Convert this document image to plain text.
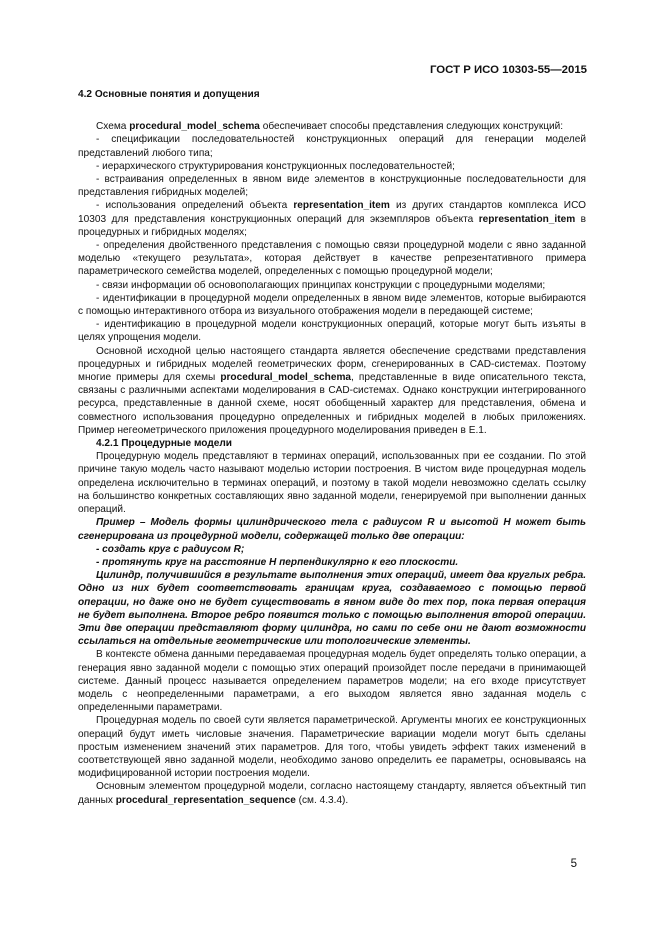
ГОСТ Р ИСО 10303-55—2015

4.2 Основные понятия и допущения

Схема procedural_model_schema обеспечивает способы представления следующих конструкций:

- спецификации последовательностей конструкционных операций для генерации моделей представлений любого типа;

- иерархического структурирования конструкционных последовательностей;

- встраивания определенных в явном виде элементов в конструкционные последовательности для представления гибридных моделей;

- использования определений объекта representation_item из других стандартов комплекса ИСО 10303 для представления конструкционных операций для экземпляров объекта representation_item в процедурных и гибридных моделях;

- определения двойственного представления с помощью связи процедурной модели с явно заданной моделью «текущего результата», которая действует в качестве репрезентативного примера параметрического семейства моделей, определенных с помощью процедурной модели;

- связи информации об основополагающих принципах конструкции с процедурными моделями;

- идентификации в процедурной модели определенных в явном виде элементов, которые выбираются с помощью интерактивного отбора из визуального отображения модели в передающей системе;

- идентификацию в процедурной модели конструкционных операций, которые могут быть изъяты в целях упрощения модели.

Основной исходной целью настоящего стандарта является обеспечение средствами представления процедурных и гибридных моделей геометрических форм, сгенерированных в CAD-системах. Поэтому многие примеры для схемы procedural_model_schema, представленные в виде описательного текста, связаны с различными аспектами моделирования в CAD-системах. Однако конструкции интегрированного ресурса, представленные в данной схеме, носят обобщенный характер для представления, обмена и совместного использования процедурно определенных и гибридных моделей в любых приложениях. Пример негеометрического приложения процедурного моделирования приведен в Е.1.

4.2.1 Процедурные модели

Процедурную модель представляют в терминах операций, использованных при ее создании. По этой причине такую модель часто называют моделью истории построения. В чистом виде процедурная модель определена исключительно в терминах операций, и поэтому в такой модели невозможно сделать ссылку на большинство конкретных составляющих явно заданной модели, генерируемой при выполнении данных операций.

Пример – Модель формы цилиндрического тела с радиусом R и высотой H может быть сгенерирована из процедурной модели, содержащей только две операции:

- создать круг с радиусом R;

- протянуть круг на расстояние H перпендикулярно к его плоскости.

Цилиндр, получившийся в результате выполнения этих операций, имеет два круглых ребра. Одно из них будет соответствовать границам круга, создаваемого с помощью первой операции, но даже оно не будет существовать в явном виде до тех пор, пока первая операция не будет выполнена. Второе ребро появится только с помощью выполнения второй операции. Эти две операции представляют форму цилиндра, но сами по себе они не дают возможности ссылаться на отдельные геометрические или топологические элементы.

В контексте обмена данными передаваемая процедурная модель будет определять только операции, а генерация явно заданной модели с помощью этих операций произойдет после передачи в принимающей системе. Данный процесс называется определением параметров модели; на его входе присутствует модель с неопределенными параметрами, а его выходом является явно заданная модель с определенными параметрами.

Процедурная модель по своей сути является параметрической. Аргументы многих ее конструкционных операций будут иметь числовые значения. Параметрические вариации модели могут быть сделаны простым изменением значений этих параметров. Для того, чтобы увидеть эффект таких изменений в соответствующей явно заданной модели, необходимо заново определить ее параметры, основываясь на модифицированной истории построения модели.

Основным элементом процедурной модели, согласно настоящему стандарту, является объектный тип данных procedural_representation_sequence (см. 4.3.4).

5
